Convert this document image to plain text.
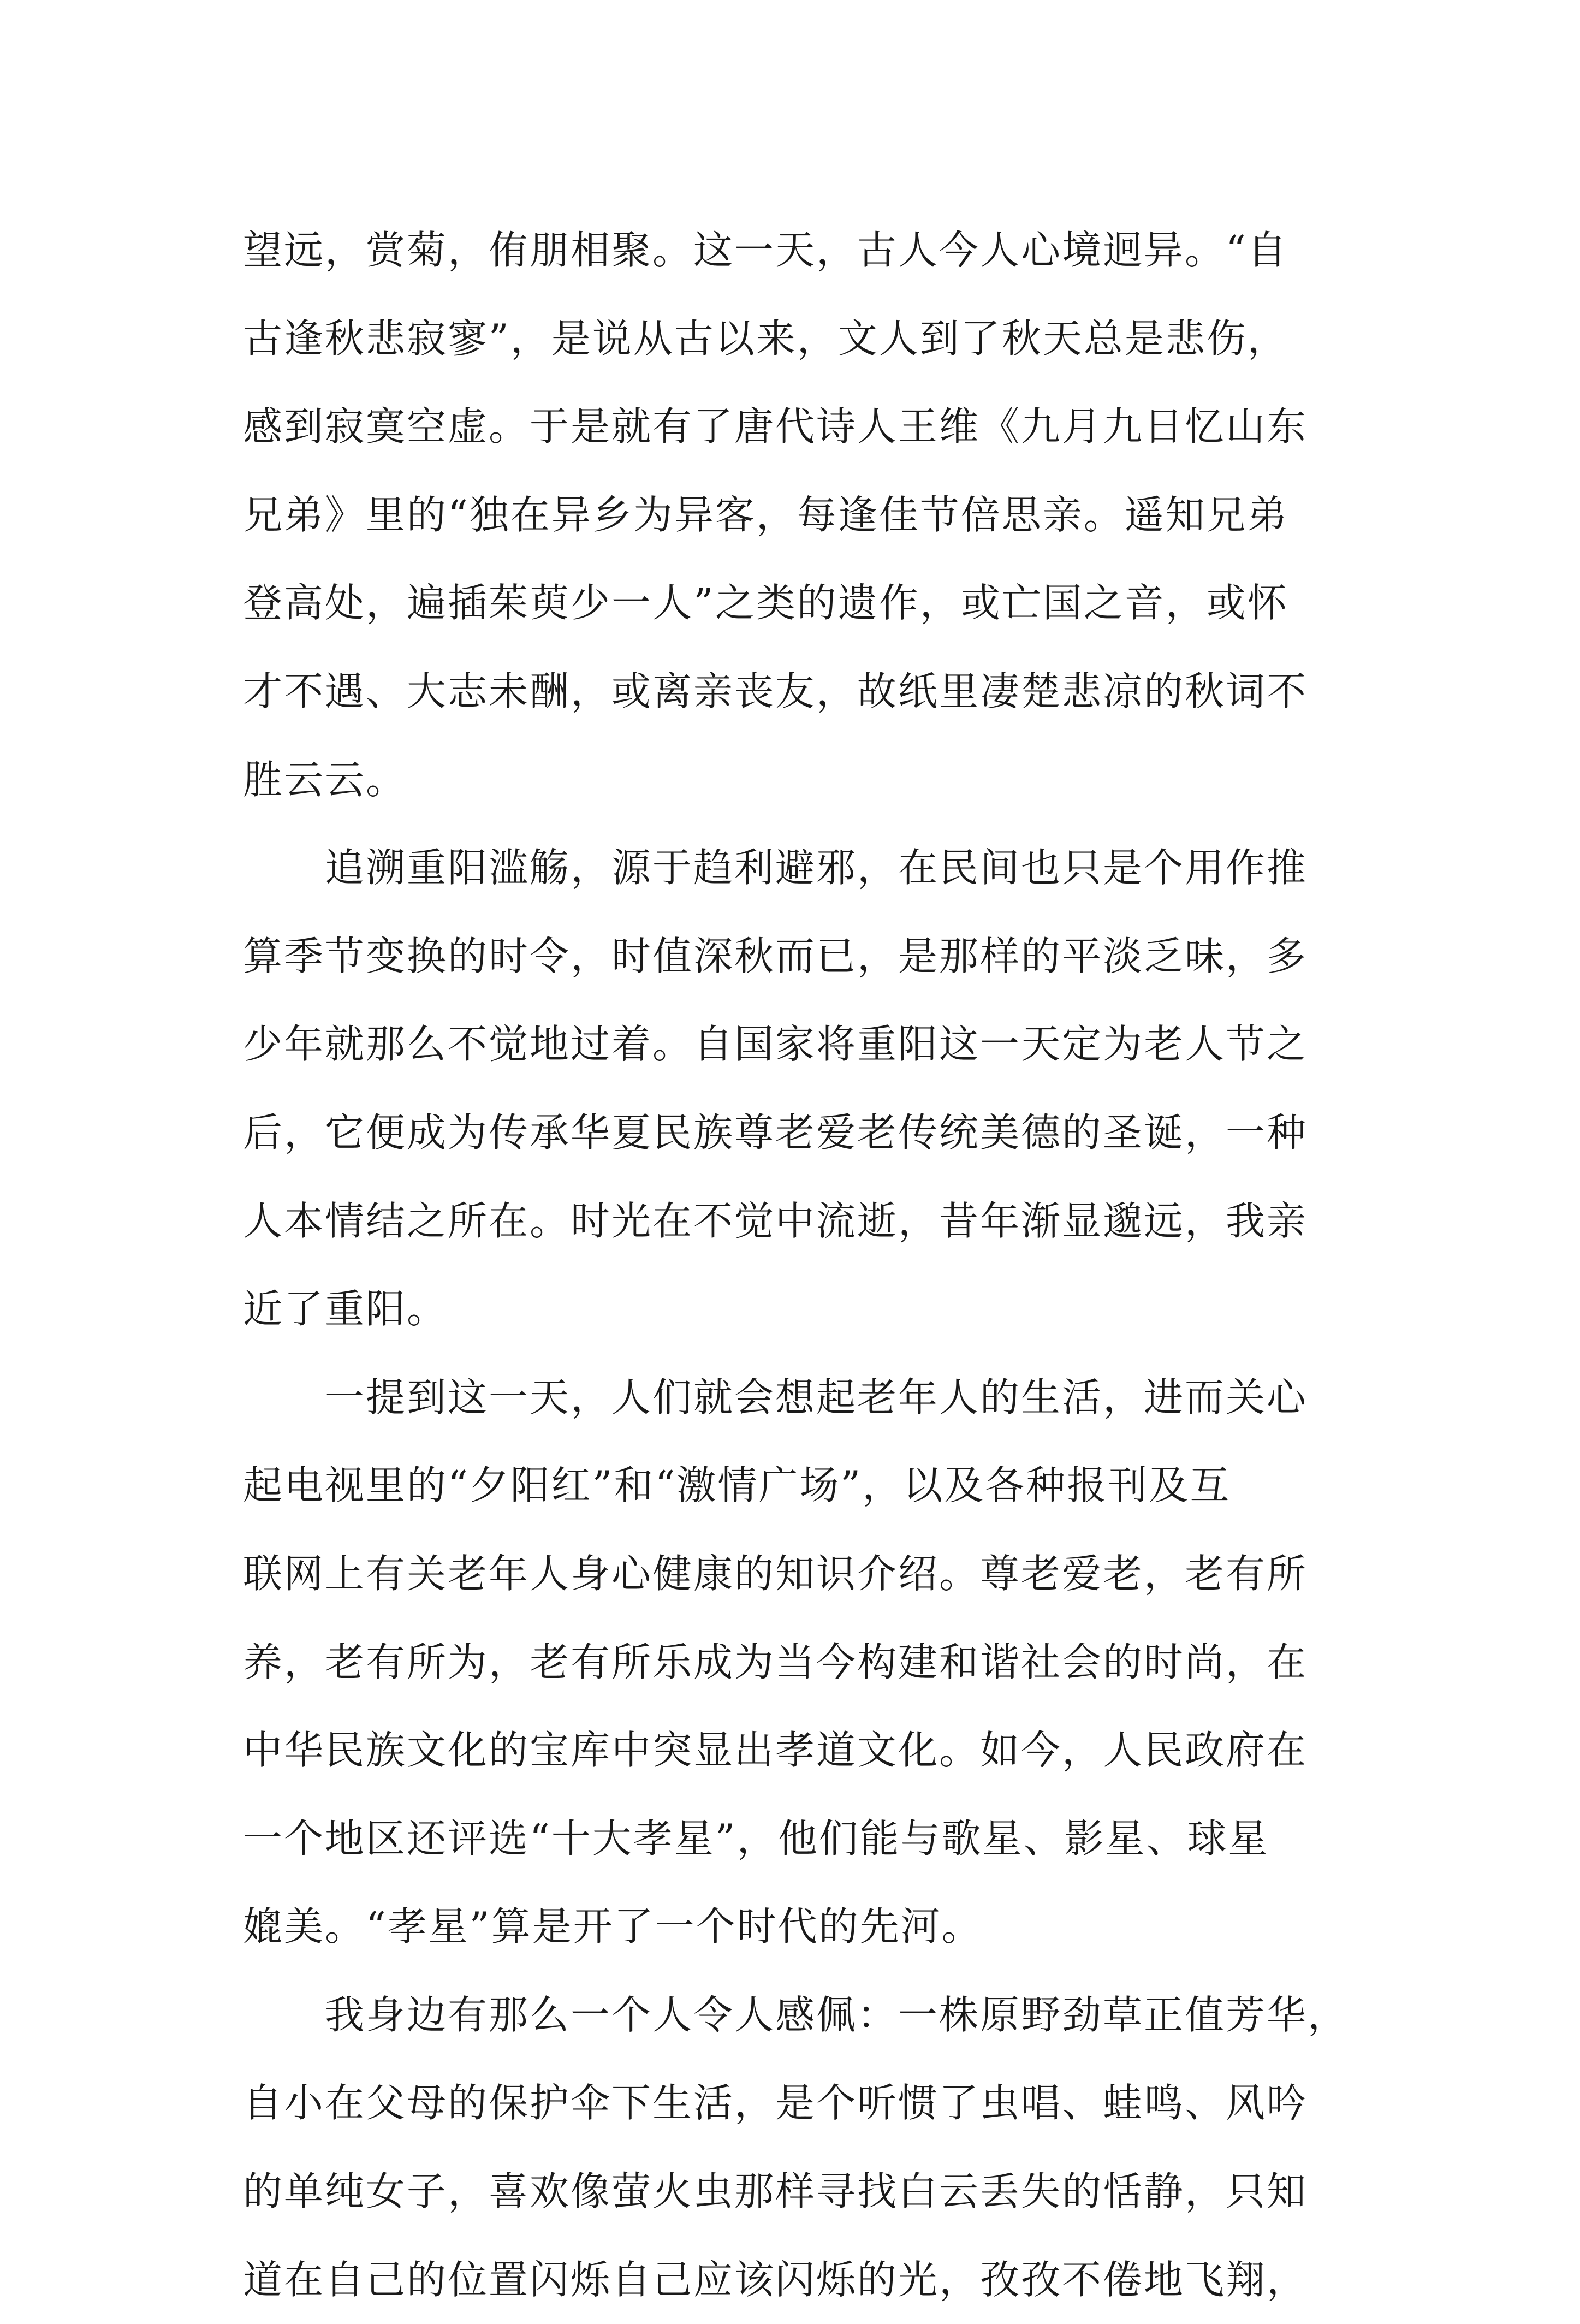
望远，赏菊，侑朋相聚。这一天，古人今人心境迥异。“自
古逢秋悲寂寥”，是说从古以来，文人到了秋天总是悲伤，
感到寂寞空虚。于是就有了唐代诗人王维《九月九日忆山东
兄弟》里的“独在异乡为异客，每逢佳节倍思亲。遥知兄弟
登高处，遍插茱萸少一人”之类的遗作，或亡国之音，或怀
才不遇、大志未酬，或离亲丧友，故纸里凄楚悲凉的秋词不
胜云云。
追溯重阳滥觞，源于趋利避邪，在民间也只是个用作推
算季节变换的时令，时值深秋而已，是那样的平淡乏味，多
少年就那么不觉地过着。自国家将重阳这一天定为老人节之
后，它便成为传承华夏民族尊老爱老传统美德的圣诞，一种
人本情结之所在。时光在不觉中流逝，昔年渐显邈远，我亲
近了重阳。
一提到这一天，人们就会想起老年人的生活，进而关心
起电视里的“夕阳红”和“激情广场”，以及各种报刊及互
联网上有关老年人身心健康的知识介绍。尊老爱老，老有所
养，老有所为，老有所乐成为当今构建和谐社会的时尚，在
中华民族文化的宝库中突显出孝道文化。如今，人民政府在
一个地区还评选“十大孝星”，他们能与歌星、影星、球星
媲美。“孝星”算是开了一个时代的先河。
我身边有那么一个人令人感佩：一株原野劲草正值芳华，
自小在父母的保护伞下生活，是个听惯了虫唱、蛙鸣、风吟
的单纯女子，喜欢像萤火虫那样寻找白云丢失的恬静，只知
道在自己的位置闪烁自己应该闪烁的光，孜孜不倦地飞翔，
